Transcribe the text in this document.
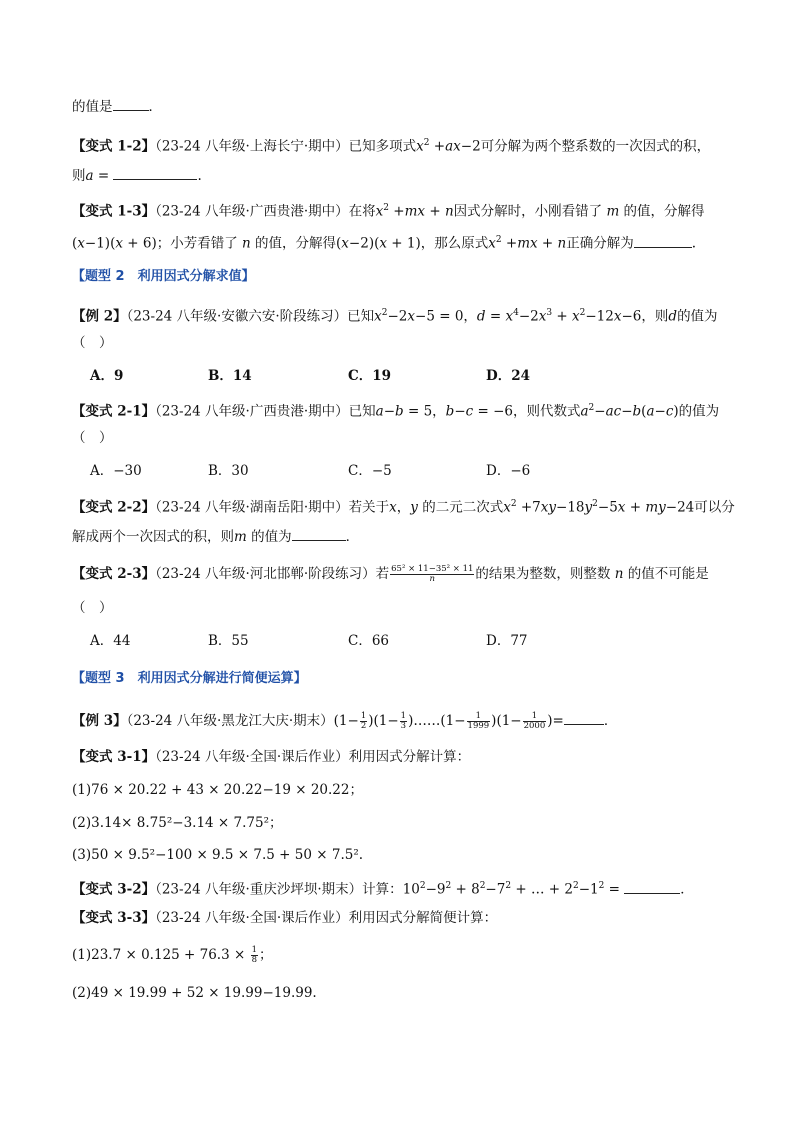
的值是	．
【变式 1-2】（23-24 八年级·上海长宁·期中）已知多项式$x^2 +ax-2$可分解为两个整系数的一次因式的积，
则a =	.
【变式 1-3】（23-24 八年级·广西贵港·期中）在将$x^2 +mx + n$因式分解时，小刚看错了 m 的值，分解得
(x−1)(x + 6)；小芳看错了 n 的值，分解得(x−2)(x + 1)，那么原式$x^2 +mx + n$正确分解为	.
【题型 2　利用因式分解求值】
【例 2】（23-24 八年级·安徽六安·阶段练习）已知$x^2-2x-5 = 0$，$d = x^4-2x^3 + x^2-12x-6$，则d的值为
（　）
A．9	B．14	C．19	D．24
【变式 2-1】（23-24 八年级·广西贵港·期中）已知a−b = 5，b−c = −6，则代数式$a^2-ac-b(a-c)$的值为
（　）
A．−30	B．30	C．−5	D．−6
【变式 2-2】（23-24 八年级·湖南岳阳·期中）若关于x，y 的二元二次式$x^2 +7xy-18y^2-5x + my-24$可以分
解成两个一次因式的积，则m 的值为	．
【变式 2-3】（23-24 八年级·河北邯郸·阶段练习）若 $\frac{\text{65² × 11−35² × 11}}{n}$ 的结果为整数，则整数 n 的值不可能是
（　）
A．44	B．55	C．66	D．77
【题型 3　利用因式分解进行简便运算】
【例 3】（23-24 八年级·黑龙江大庆·期末）$(1- \frac{1}{2} )(1- \frac{1}{3}$ )……(1− $\frac{1}{1999} )(1- \frac{1}{2000}$ )=	．
【变式 3-1】（23-24 八年级·全国·课后作业）利用因式分解计算：
(1)76 × 20.22 + 43 × 20.22−19 × 20.22；
(2)3.14× 8.75²−3.14 × 7.75²；
(3)50 × 9.5²−100 × 9.5 × 7.5 + 50 × 7.5².
【变式 3-2】（23-24 八年级·重庆沙坪坝·期末）计算：$10^2-9^2 + 8^2-7^2$ + … + $2^2-1^2$ =	．
【变式 3-3】（23-24 八年级·全国·课后作业）利用因式分解简便计算：
$(1)23.7 \times 0.125 + 76.3 \times \frac{1}{8}$ ；
(2)49 × 19.99 + 52 × 19.99−19.99.
